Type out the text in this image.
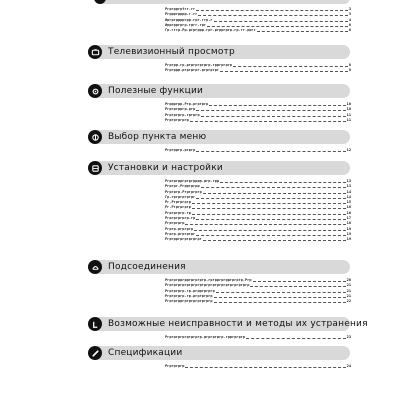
Ргргрргрfгг.гг	3
Ргррргрррр.г.гг	3
Иргргрррргрр.грг.ггр.г	4
Ирргрргргр.гргг.грг	6
Гр.гггр.Рр.ргргррр.грг.ргрргргр.гр.гг.рргг	6
Телевизионный просмотр
Ргргрр.гр.ргргргргргр.грргргргр	8
Ргргррр.ргргргрг.ргргргрг	8
Полезные функции
Ргррргрр.Ргр.ргргргр	10
Ргргргрргр.ргр	10
Ргргргргр.гргргр	11
Ргргргргргр	11
Выбор пункта меню
Ргргрргр.ргргр	12
Установки и настройки
Ргргргрргргргрррр.ргр.грр	13
Ргргрг.Ргрргргрр	13
Ргргргр.Ргргргргр	14
Гр.гргргргргрг	14
Рг.Ргргргргр	15
Рг.Ргргргргр	16
Ргргргргр.гр	16
Ргргргргргр.гр	17
Ргргргргр	18
Ргргр.ргргргр	19
Ргргр.ргргргрг	19
Ргргрргргргргргрг	19
Подсоединения
Ргргргрргрргргргргр.гргрргргрргргргр.Ргр	20
Ргргргргргргргргргргргргргргргргргргргр	21
Ргргргргр.гр.ргрргргргр	21
Ргргргргр.гр.ргргргргр	21
Ргргргрргргргргргргргр	22
Возможные неисправности и методы их устранения
Ргргргргргргргргр.ргргргргр.грргргргр	23
Спецификации
Ргргргргр	24
